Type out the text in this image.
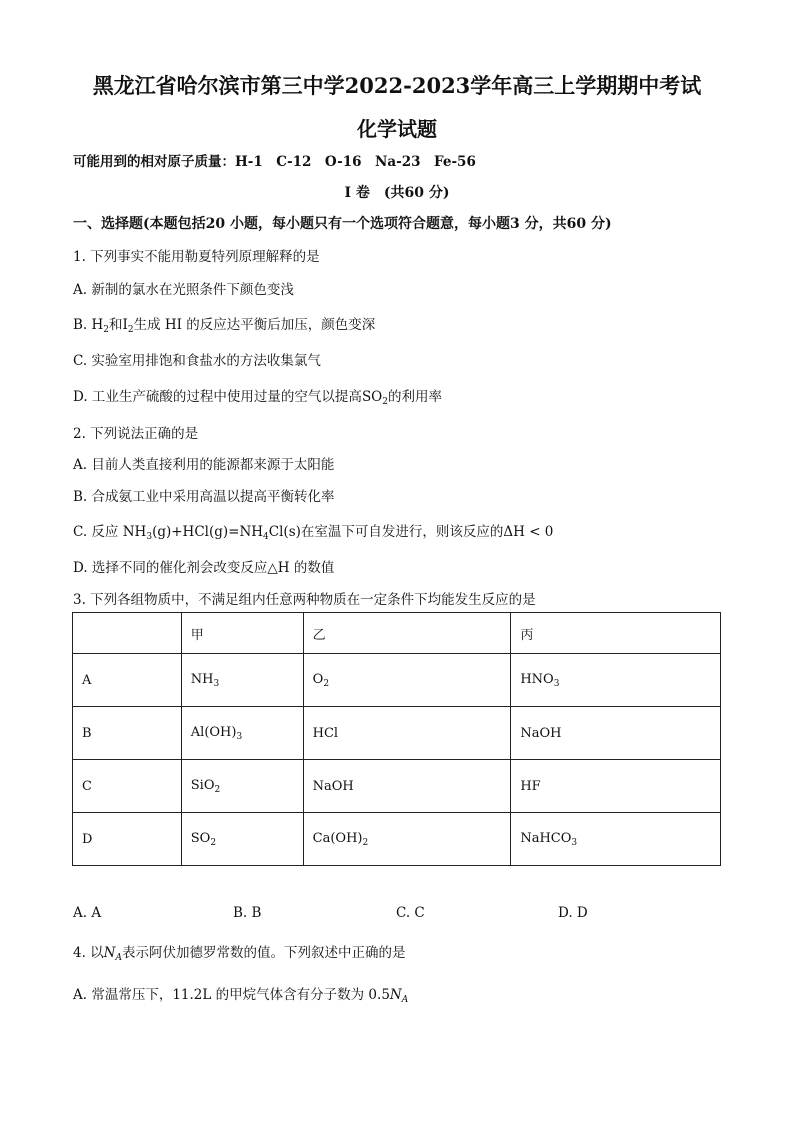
黑龙江省哈尔滨市第三中学2022-2023学年高三上学期期中考试
化学试题
可能用到的相对原子质量：H-1　C-12　O-16　Na-23　Fe-56
I 卷　(共60 分)
一、选择题(本题包括20 小题，每小题只有一个选项符合题意，每小题3 分，共60 分)
1. 下列事实不能用勒夏特列原理解释的是
A. 新制的氯水在光照条件下颜色变浅
B. $H_2$和$I_2$生成 HI 的反应达平衡后加压，颜色变深
C. 实验室用排饱和食盐水的方法收集氯气
D. 工业生产硫酸的过程中使用过量的空气以提高$SO_2$的利用率
2. 下列说法正确的是
A. 目前人类直接利用的能源都来源于太阳能
B. 合成氨工业中采用高温以提高平衡转化率
C. 反应 $NH_3(g)+HCl(g)=NH_4Cl(s)$在室温下可自发进行，则该反应的ΔH < 0
D. 选择不同的催化剂会改变反应△H 的数值
3. 下列各组物质中，不满足组内任意两种物质在一定条件下均能发生反应的是
	甲	乙	丙
A	$NH_3$	$O_2$	$HNO_3$
B	$Al(OH)_3$	HCl	NaOH
C	SiO$_2$	NaOH	HF
D	$SO_2$	$Ca(OH)_2$	NaHCO$_3$
A. A	B. B	C. C	D. D
4. 以$N_A$表示阿伏加德罗常数的值。下列叙述中正确的是
A. 常温常压下，11.2L 的甲烷气体含有分子数为 $0.5N_A$
